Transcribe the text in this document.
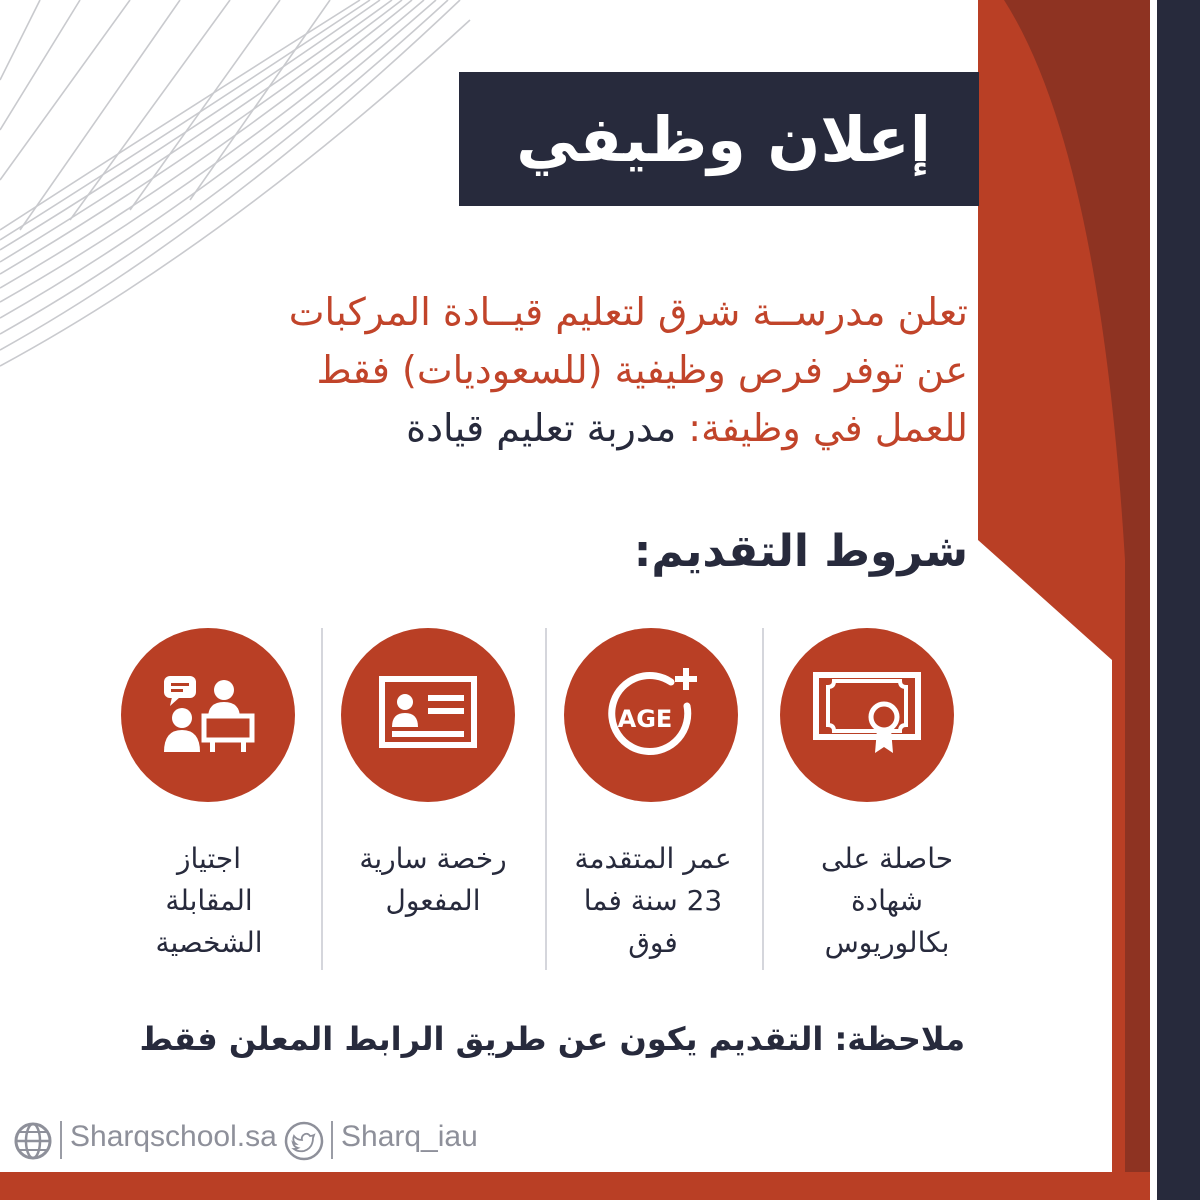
إعلان وظيفي
تعلن مدرســة شرق لتعليم قيــادة المركبات
عن توفر فرص وظيفية (للسعوديات) فقط
للعمل في وظيفة: مدربة تعليم قيادة
شروط التقديم:
حاصلة على
شهادة
بكالوريوس
AGE
عمر المتقدمة
23 سنة فما
فوق
رخصة سارية
المفعول
اجتياز
المقابلة
الشخصية
ملاحظة: التقديم يكون عن طريق الرابط المعلن فقط
Sharqschool.sa Sharq_iau
